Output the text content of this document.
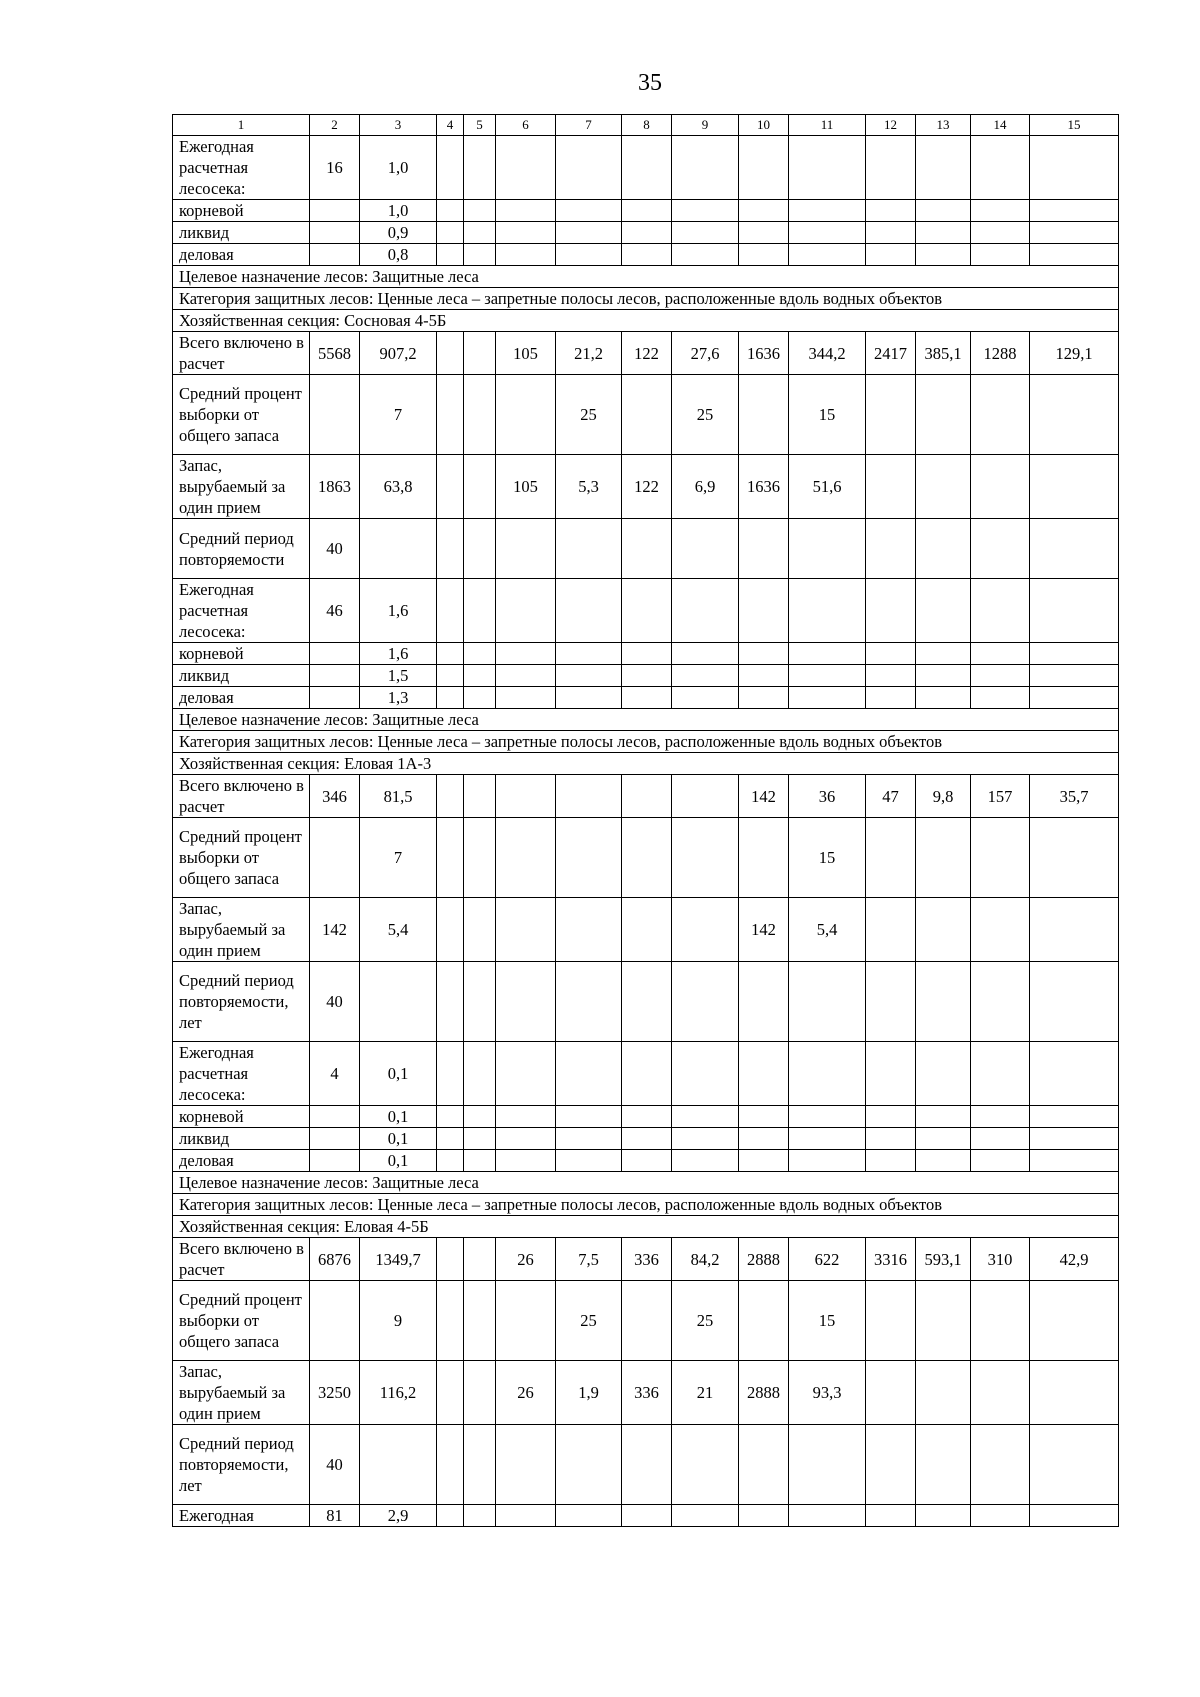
35
1	2	3	4	5	6	7	8	9	10	11	12	13	14	15
Ежегодная расчетная лесосека:	16	1,0												
корневой		1,0												
ликвид		0,9												
деловая		0,8												
Целевое назначение лесов: Защитные леса														
Категория защитных лесов: Ценные леса – запретные полосы лесов, расположенные вдоль водных объектов														
Хозяйственная секция: Сосновая 4-5Б														
Всего включено в расчет	5568	907,2			105	21,2	122	27,6	1636	344,2	2417	385,1	1288	129,1
Средний процент выборки от общего запаса		7				25		25		15				
Запас, вырубаемый за один прием	1863	63,8			105	5,3	122	6,9	1636	51,6				
Средний период повторяемости	40													
Ежегодная расчетная лесосека:	46	1,6												
корневой		1,6												
ликвид		1,5												
деловая		1,3												
Целевое назначение лесов: Защитные леса														
Категория защитных лесов: Ценные леса – запретные полосы лесов, расположенные вдоль водных объектов														
Хозяйственная секция: Еловая 1А-3														
Всего включено в расчет	346	81,5							142	36	47	9,8	157	35,7
Средний процент выборки от общего запаса		7								15				
Запас, вырубаемый за один прием	142	5,4							142	5,4				
Средний период повторяемости, лет	40													
Ежегодная расчетная лесосека:	4	0,1												
корневой		0,1												
ликвид		0,1												
деловая		0,1												
Целевое назначение лесов: Защитные леса														
Категория защитных лесов: Ценные леса – запретные полосы лесов, расположенные вдоль водных объектов														
Хозяйственная секция: Еловая 4-5Б														
Всего включено в расчет	6876	1349,7			26	7,5	336	84,2	2888	622	3316	593,1	310	42,9
Средний процент выборки от общего запаса		9				25		25		15				
Запас, вырубаемый за один прием	3250	116,2			26	1,9	336	21	2888	93,3				
Средний период повторяемости, лет	40													
Ежегодная	81	2,9												
